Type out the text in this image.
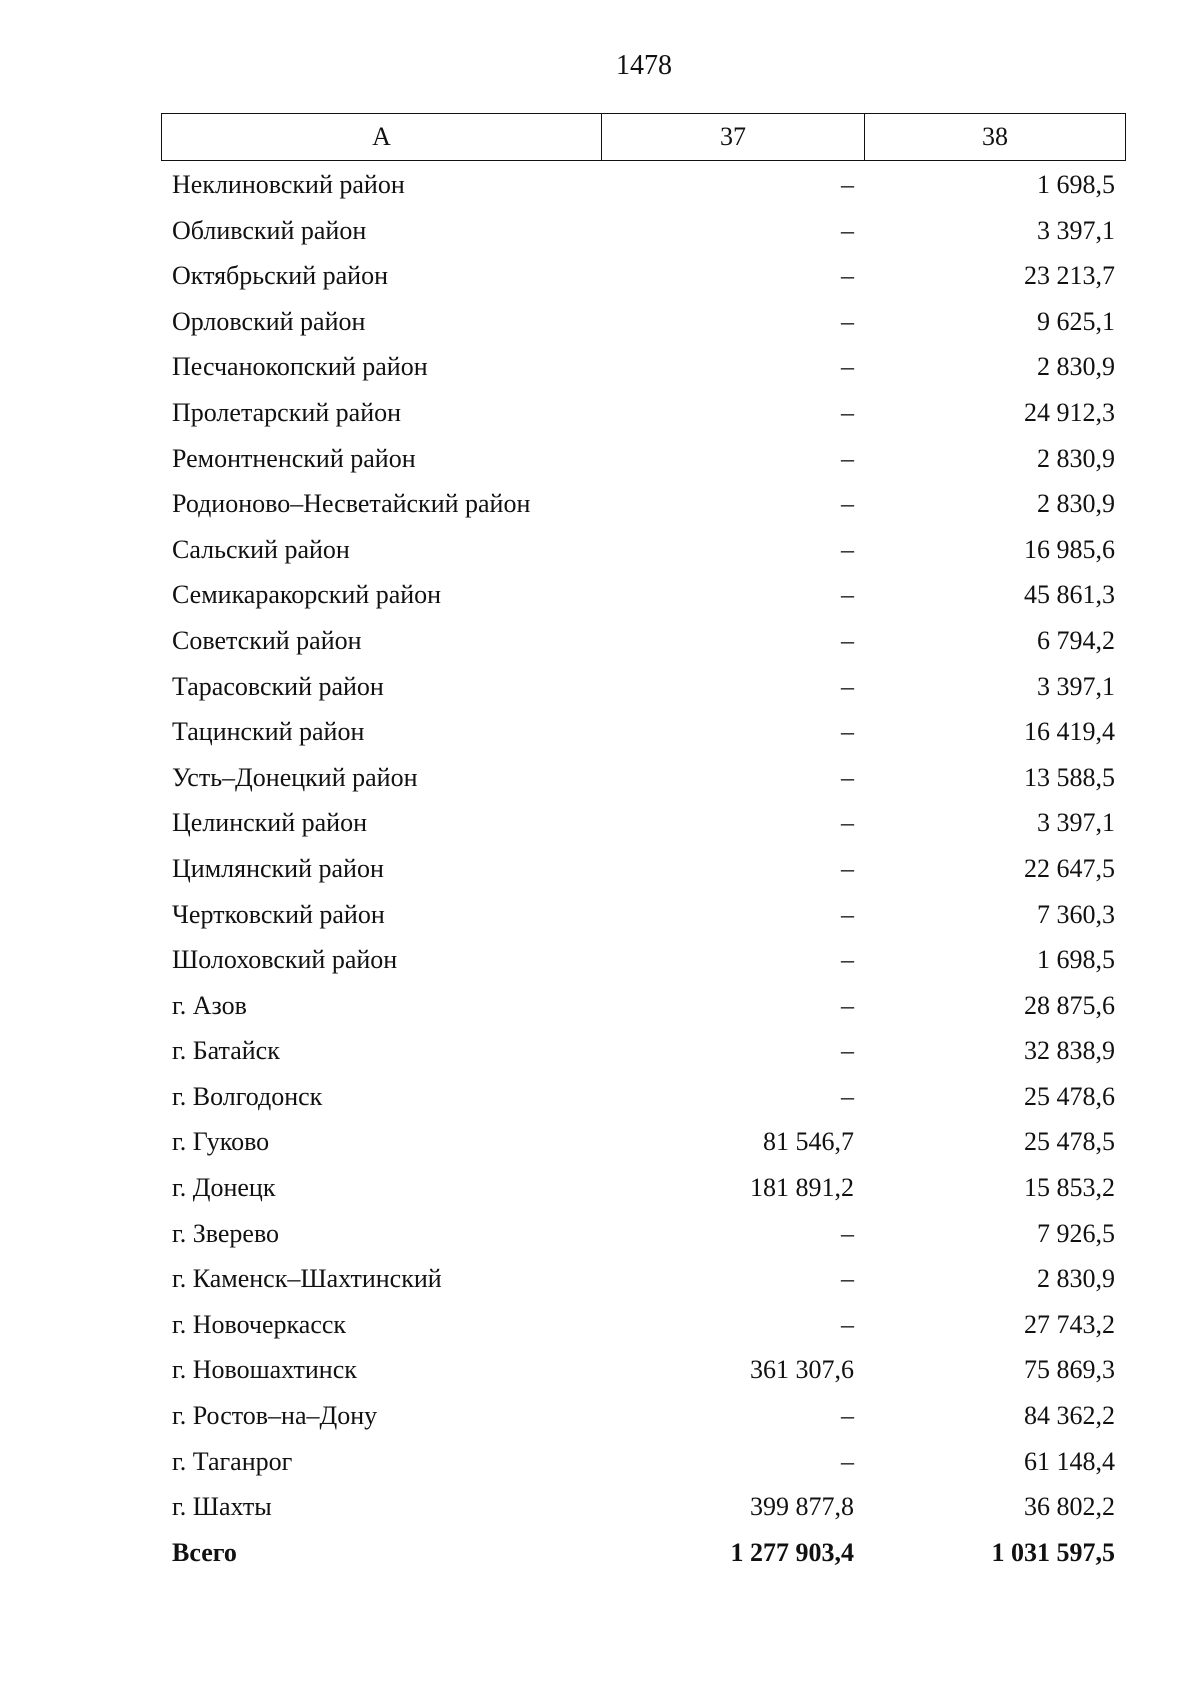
1478
А	37	38
Неклиновский район	–	1 698,5
Обливский район	–	3 397,1
Октябрьский район	–	23 213,7
Орловский район	–	9 625,1
Песчанокопский район	–	2 830,9
Пролетарский район	–	24 912,3
Ремонтненский район	–	2 830,9
Родионово–Несветайский район	–	2 830,9
Сальский район	–	16 985,6
Семикаракорский район	–	45 861,3
Советский район	–	6 794,2
Тарасовский район	–	3 397,1
Тацинский район	–	16 419,4
Усть–Донецкий район	–	13 588,5
Целинский район	–	3 397,1
Цимлянский район	–	22 647,5
Чертковский район	–	7 360,3
Шолоховский район	–	1 698,5
г. Азов	–	28 875,6
г. Батайск	–	32 838,9
г. Волгодонск	–	25 478,6
г. Гуково	81 546,7	25 478,5
г. Донецк	181 891,2	15 853,2
г. Зверево	–	7 926,5
г. Каменск–Шахтинский	–	2 830,9
г. Новочеркасск	–	27 743,2
г. Новошахтинск	361 307,6	75 869,3
г. Ростов–на–Дону	–	84 362,2
г. Таганрог	–	61 148,4
г. Шахты	399 877,8	36 802,2
Всего	1 277 903,4	1 031 597,5
